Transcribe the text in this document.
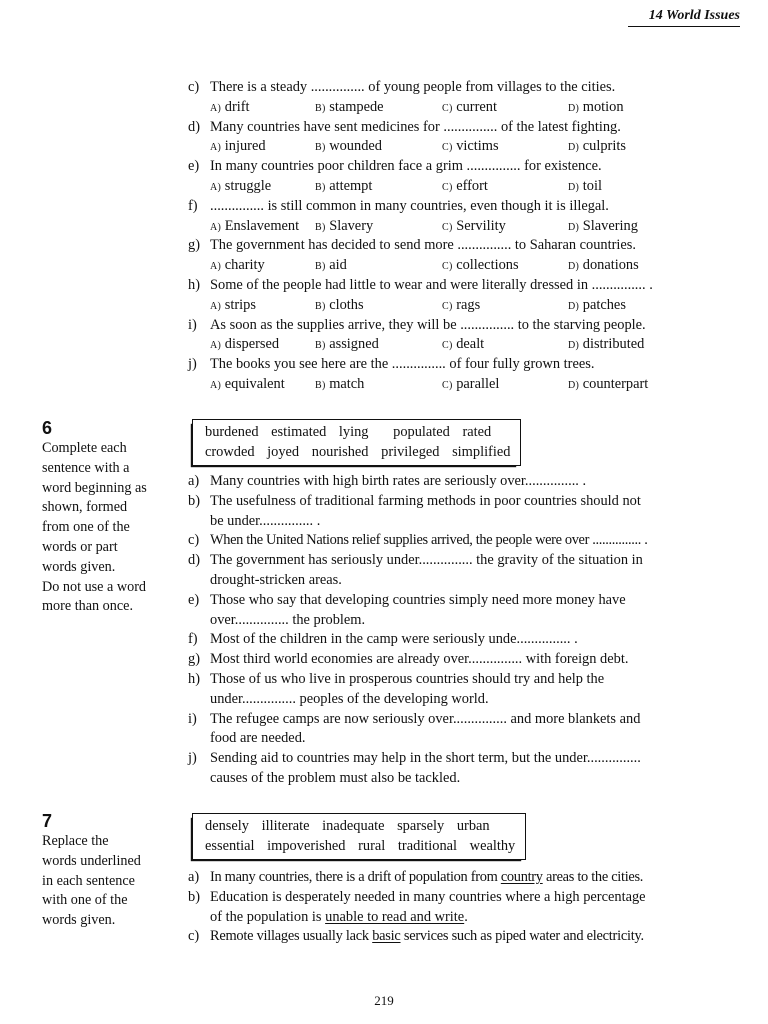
14 World Issues
c) There is a steady ............... of young people from villages to the cities.
A) drift	B) stampede	C) current	D) motion
d) Many countries have sent medicines for ............... of the latest fighting.
A) injured	B) wounded	C) victims	D) culprits
e) In many countries poor children face a grim ............... for existence.
A) struggle	B) attempt	C) effort	D) toil
f) ............... is still common in many countries, even though it is illegal.
A) Enslavement B) Slavery	C) Servility	D) Slavering
g) The government has decided to send more ............... to Saharan countries.
A) charity	B) aid	C) collections	D) donations
h) Some of the people had little to wear and were literally dressed in ............... .
A) strips	B) cloths	C) rags	D) patches
i) As soon as the supplies arrive, they will be ............... to the starving people.
A) dispersed	B) assigned	C) dealt	D) distributed
j) The books you see here are the ............... of four fully grown trees.
A) equivalent	B) match	C) parallel	D) counterpart
6
Complete each
sentence with a
word beginning as
shown, formed
from one of the
words or part
words given.
Do not use a word
more than once.
burdened estimated lying populated rated
crowded joyed nourished privileged simplified
a) Many countries with high birth rates are seriously over............... .
b) The usefulness of traditional farming methods in poor countries should not
be under............... .
c) When the United Nations relief supplies arrived, the people were over ............... .
d) The government has seriously under............... the gravity of the situation in
drought-stricken areas.
e) Those who say that developing countries simply need more money have
over............... the problem.
f) Most of the children in the camp were seriously unde............... .
g) Most third world economies are already over............... with foreign debt.
h) Those of us who live in prosperous countries should try and help the
under............... peoples of the developing world.
i) The refugee camps are now seriously over............... and more blankets and
food are needed.
j) Sending aid to countries may help in the short term, but the under...............
causes of the problem must also be tackled.
7
Replace the
words underlined
in each sentence
with one of the
words given.
densely illiterate inadequate sparsely urban
essential impoverished rural traditional wealthy
a) In many countries, there is a drift of population from country areas to the cities.
b) Education is desperately needed in many countries where a high percentage
of the population is unable to read and write.
c) Remote villages usually lack basic services such as piped water and electricity.
219
